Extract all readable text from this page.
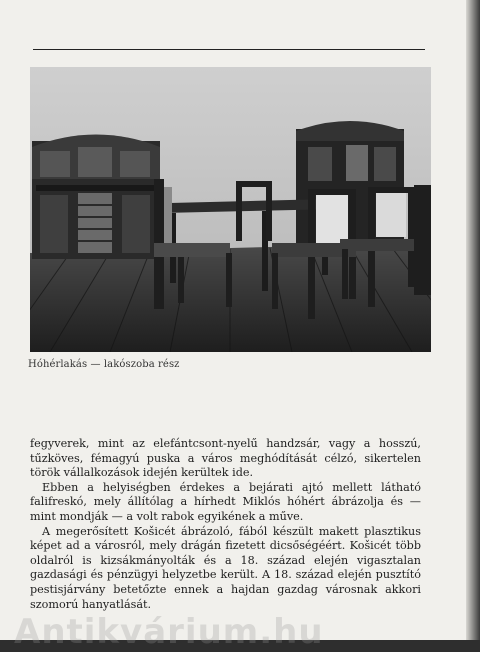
Hóhérlakás — lakószoba rész

fegyverek, mint az elefántcsont-nyelű handzsár, vagy a hosszú, tűzköves, fémagyú puska a város meghódítását célzó, sikertelen török vállalkozások idején kerültek ide.

Ebben a helyiségben érdekes a bejárati ajtó mellett látható falifreskó, mely állítólag a hírhedt Miklós hóhért ábrázolja és — mint mondják — a volt rabok egyikének a műve.

A megerősített Košicét ábrázoló, fából készült makett plasztikus képet ad a városról, mely drágán fizetett dicsőségéért. Košicét több oldalról is kizsákmányolták és a 18. század elején vigasztalan gazdasági és pénzügyi helyzetbe került. A 18. század elején pusztító pestisjárvány betetőzte ennek a hajdan gazdag városnak akkori szomorú hanyatlását.

Antikvárium.hu
